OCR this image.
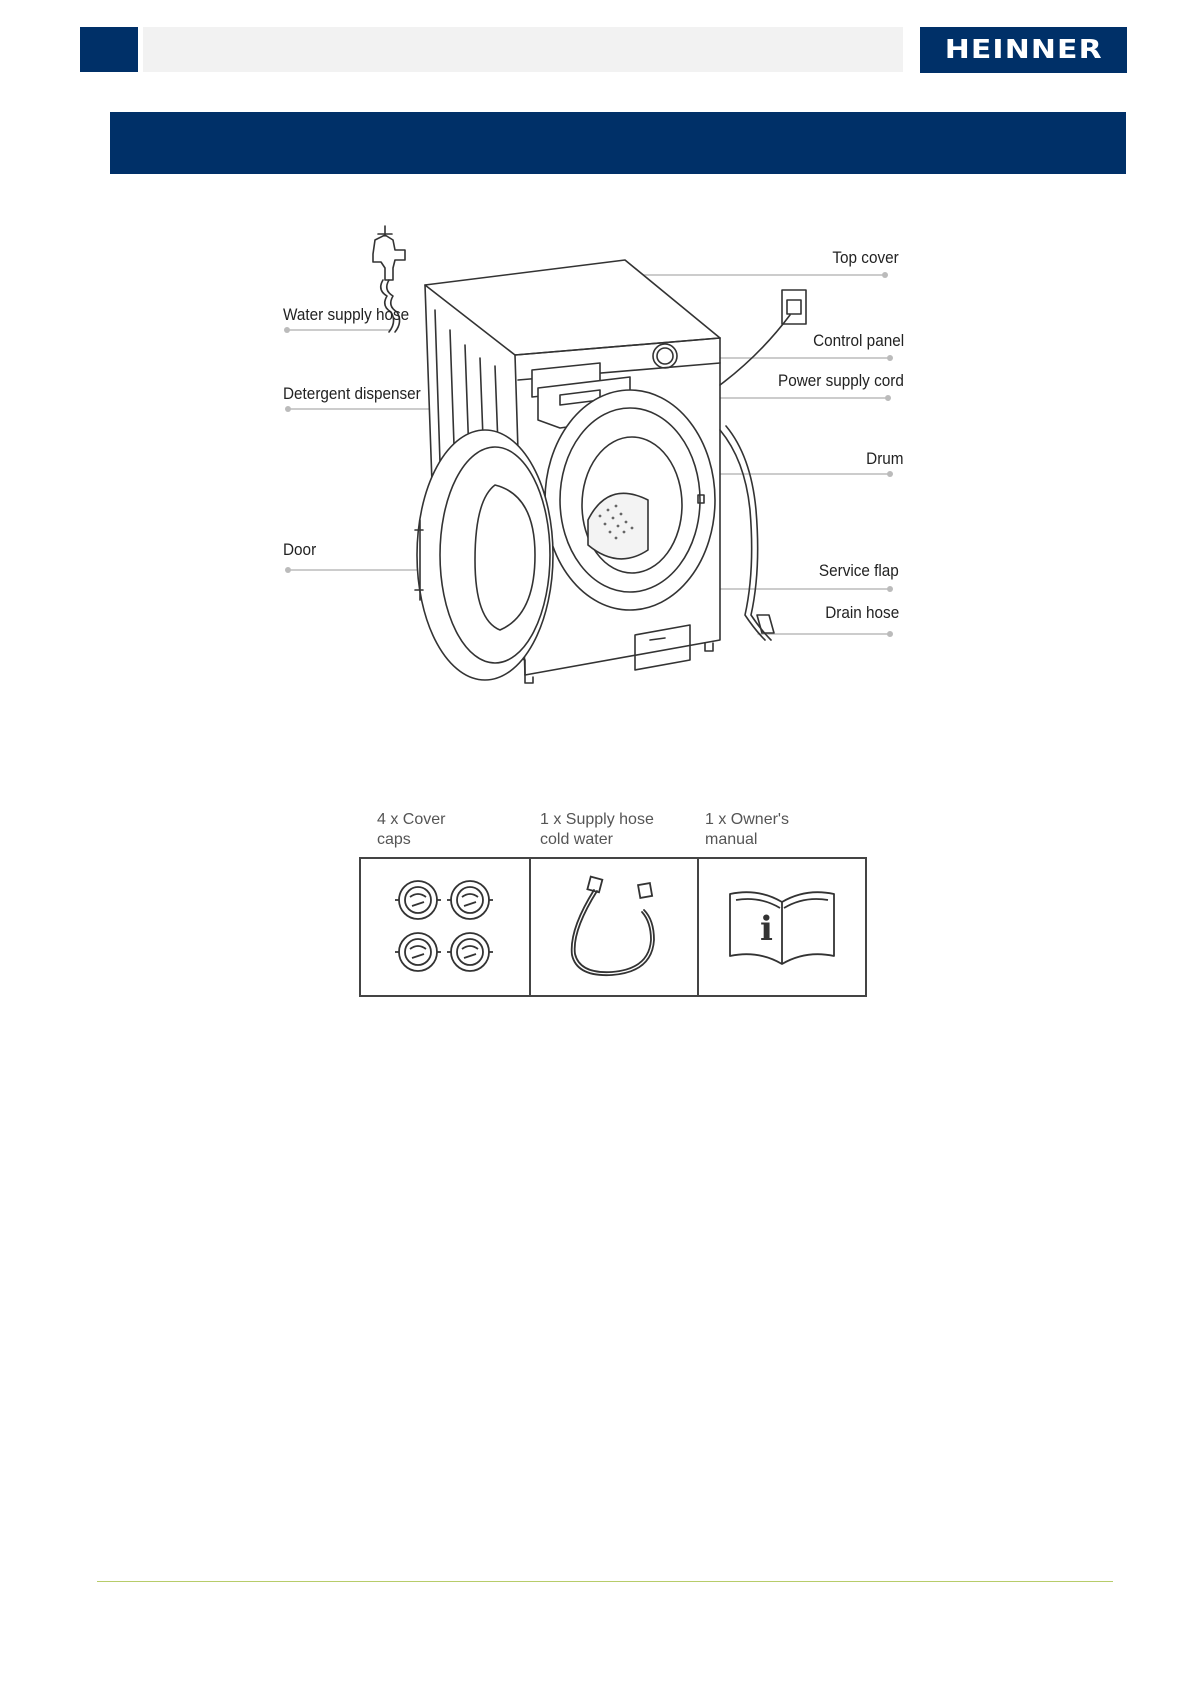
HEINNER
Top cover
Water supply hose
Control panel
Power supply cord
Detergent dispenser
Drum
Door
Service flap
Drain hose
4 x Cover
caps
1 x Supply hose
cold water
1 x Owner's
manual
i
